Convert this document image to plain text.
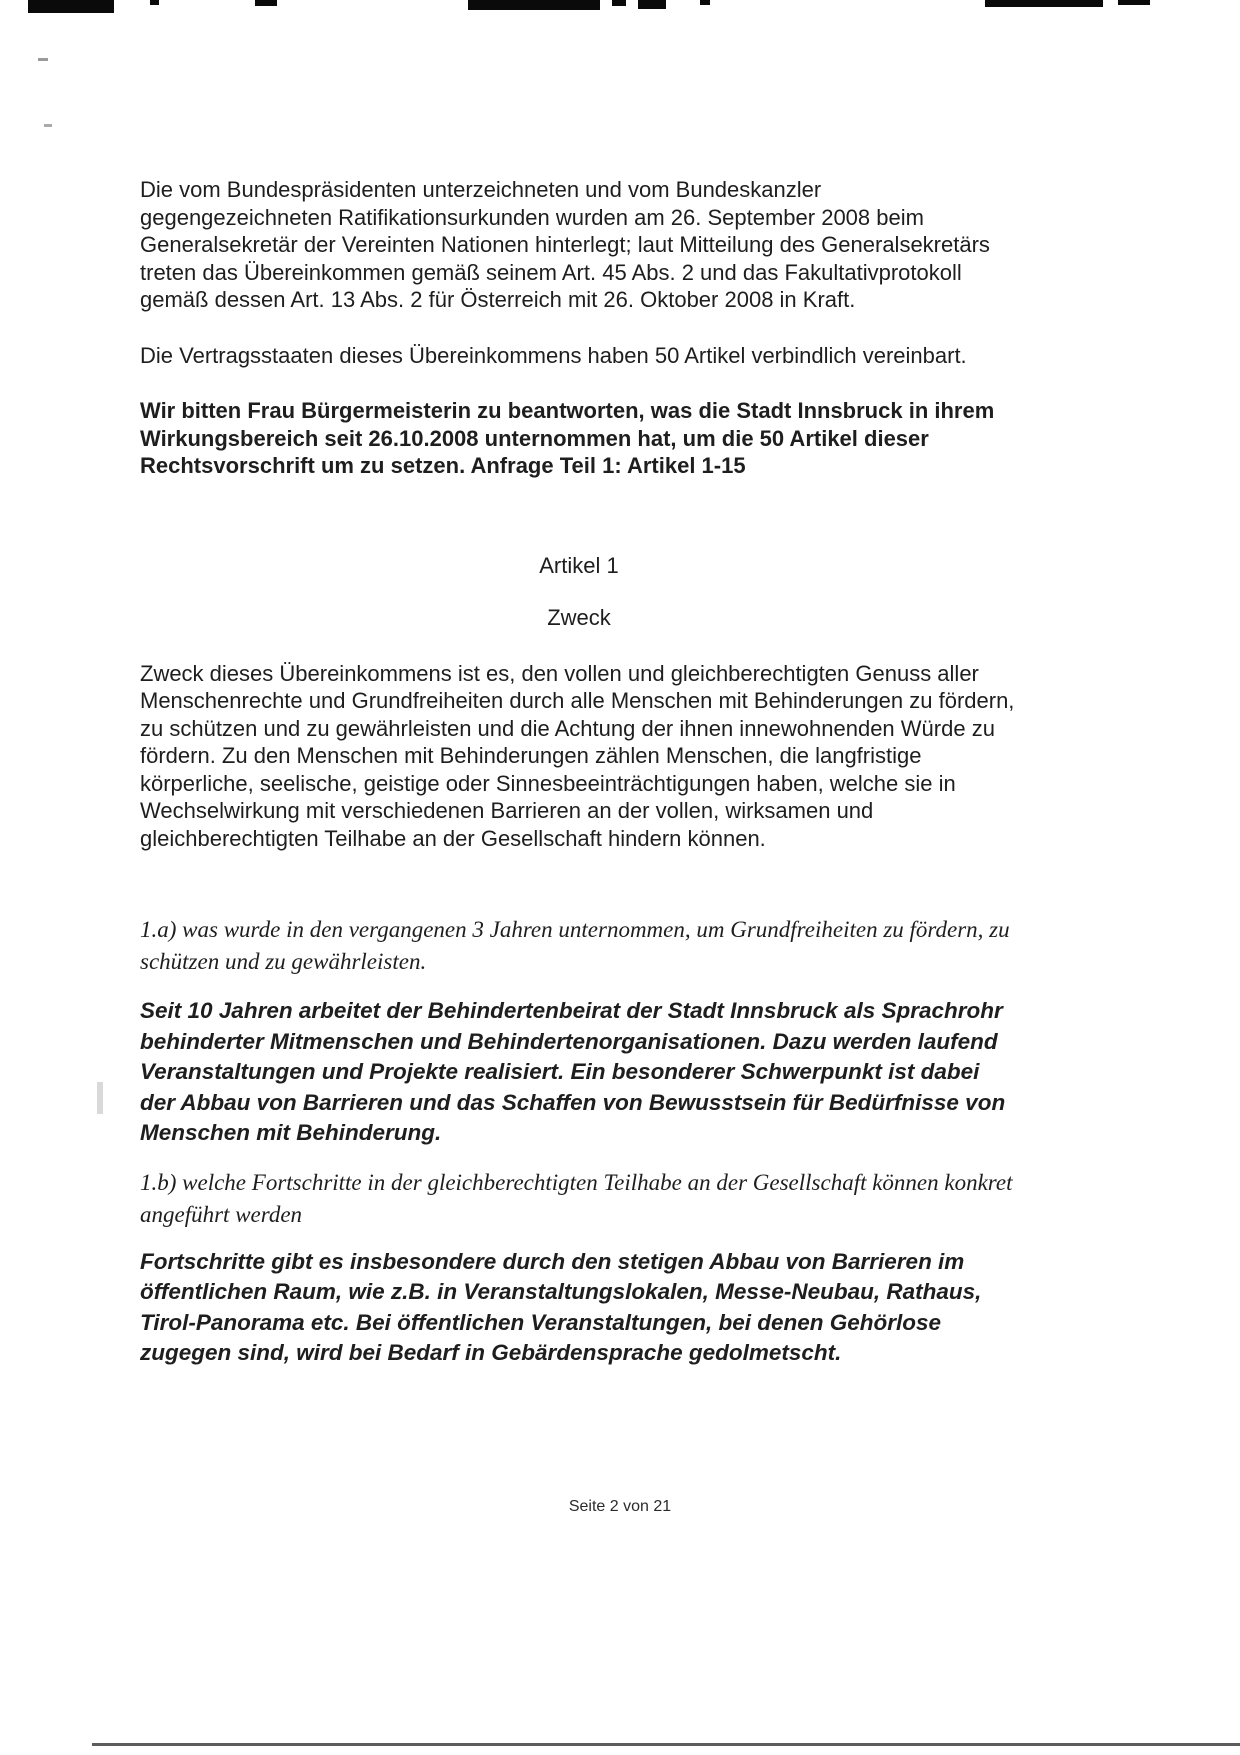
Die vom Bundespräsidenten unterzeichneten und vom Bundeskanzler gegengezeichneten Ratifikationsurkunden wurden am 26. September 2008 beim Generalsekretär der Vereinten Nationen hinterlegt; laut Mitteilung des Generalsekretärs treten das Übereinkommen gemäß seinem Art. 45 Abs. 2 und das Fakultativprotokoll gemäß dessen Art. 13 Abs. 2 für Österreich mit 26. Oktober 2008 in Kraft.

Die Vertragsstaaten dieses Übereinkommens haben 50 Artikel verbindlich vereinbart.

Wir bitten Frau Bürgermeisterin zu beantworten, was die Stadt Innsbruck in ihrem Wirkungsbereich seit 26.10.2008 unternommen hat, um die 50 Artikel dieser Rechtsvorschrift um zu setzen. Anfrage Teil 1: Artikel 1-15

Artikel 1

Zweck

Zweck dieses Übereinkommens ist es, den vollen und gleichberechtigten Genuss aller Menschenrechte und Grundfreiheiten durch alle Menschen mit Behinderungen zu fördern, zu schützen und zu gewährleisten und die Achtung der ihnen innewohnenden Würde zu fördern. Zu den Menschen mit Behinderungen zählen Menschen, die langfristige körperliche, seelische, geistige oder Sinnesbeeinträchtigungen haben, welche sie in Wechselwirkung mit verschiedenen Barrieren an der vollen, wirksamen und gleichberechtigten Teilhabe an der Gesellschaft hindern können.

1.a) was wurde in den vergangenen 3 Jahren unternommen, um Grundfreiheiten zu fördern, zu schützen und zu gewährleisten.

Seit 10 Jahren arbeitet der Behindertenbeirat der Stadt Innsbruck als Sprachrohr behinderter Mitmenschen und Behindertenorganisationen. Dazu werden laufend Veranstaltungen und Projekte realisiert. Ein besonderer Schwerpunkt ist dabei der Abbau von Barrieren und das Schaffen von Bewusstsein für Bedürfnisse von Menschen mit Behinderung.

1.b) welche Fortschritte in der gleichberechtigten Teilhabe an der Gesellschaft können konkret angeführt werden

Fortschritte gibt es insbesondere durch den stetigen Abbau von Barrieren im öffentlichen Raum, wie z.B. in Veranstaltungslokalen, Messe-Neubau, Rathaus, Tirol-Panorama etc. Bei öffentlichen Veranstaltungen, bei denen Gehörlose zugegen sind, wird bei Bedarf in Gebärdensprache gedolmetscht.

Seite 2 von 21
